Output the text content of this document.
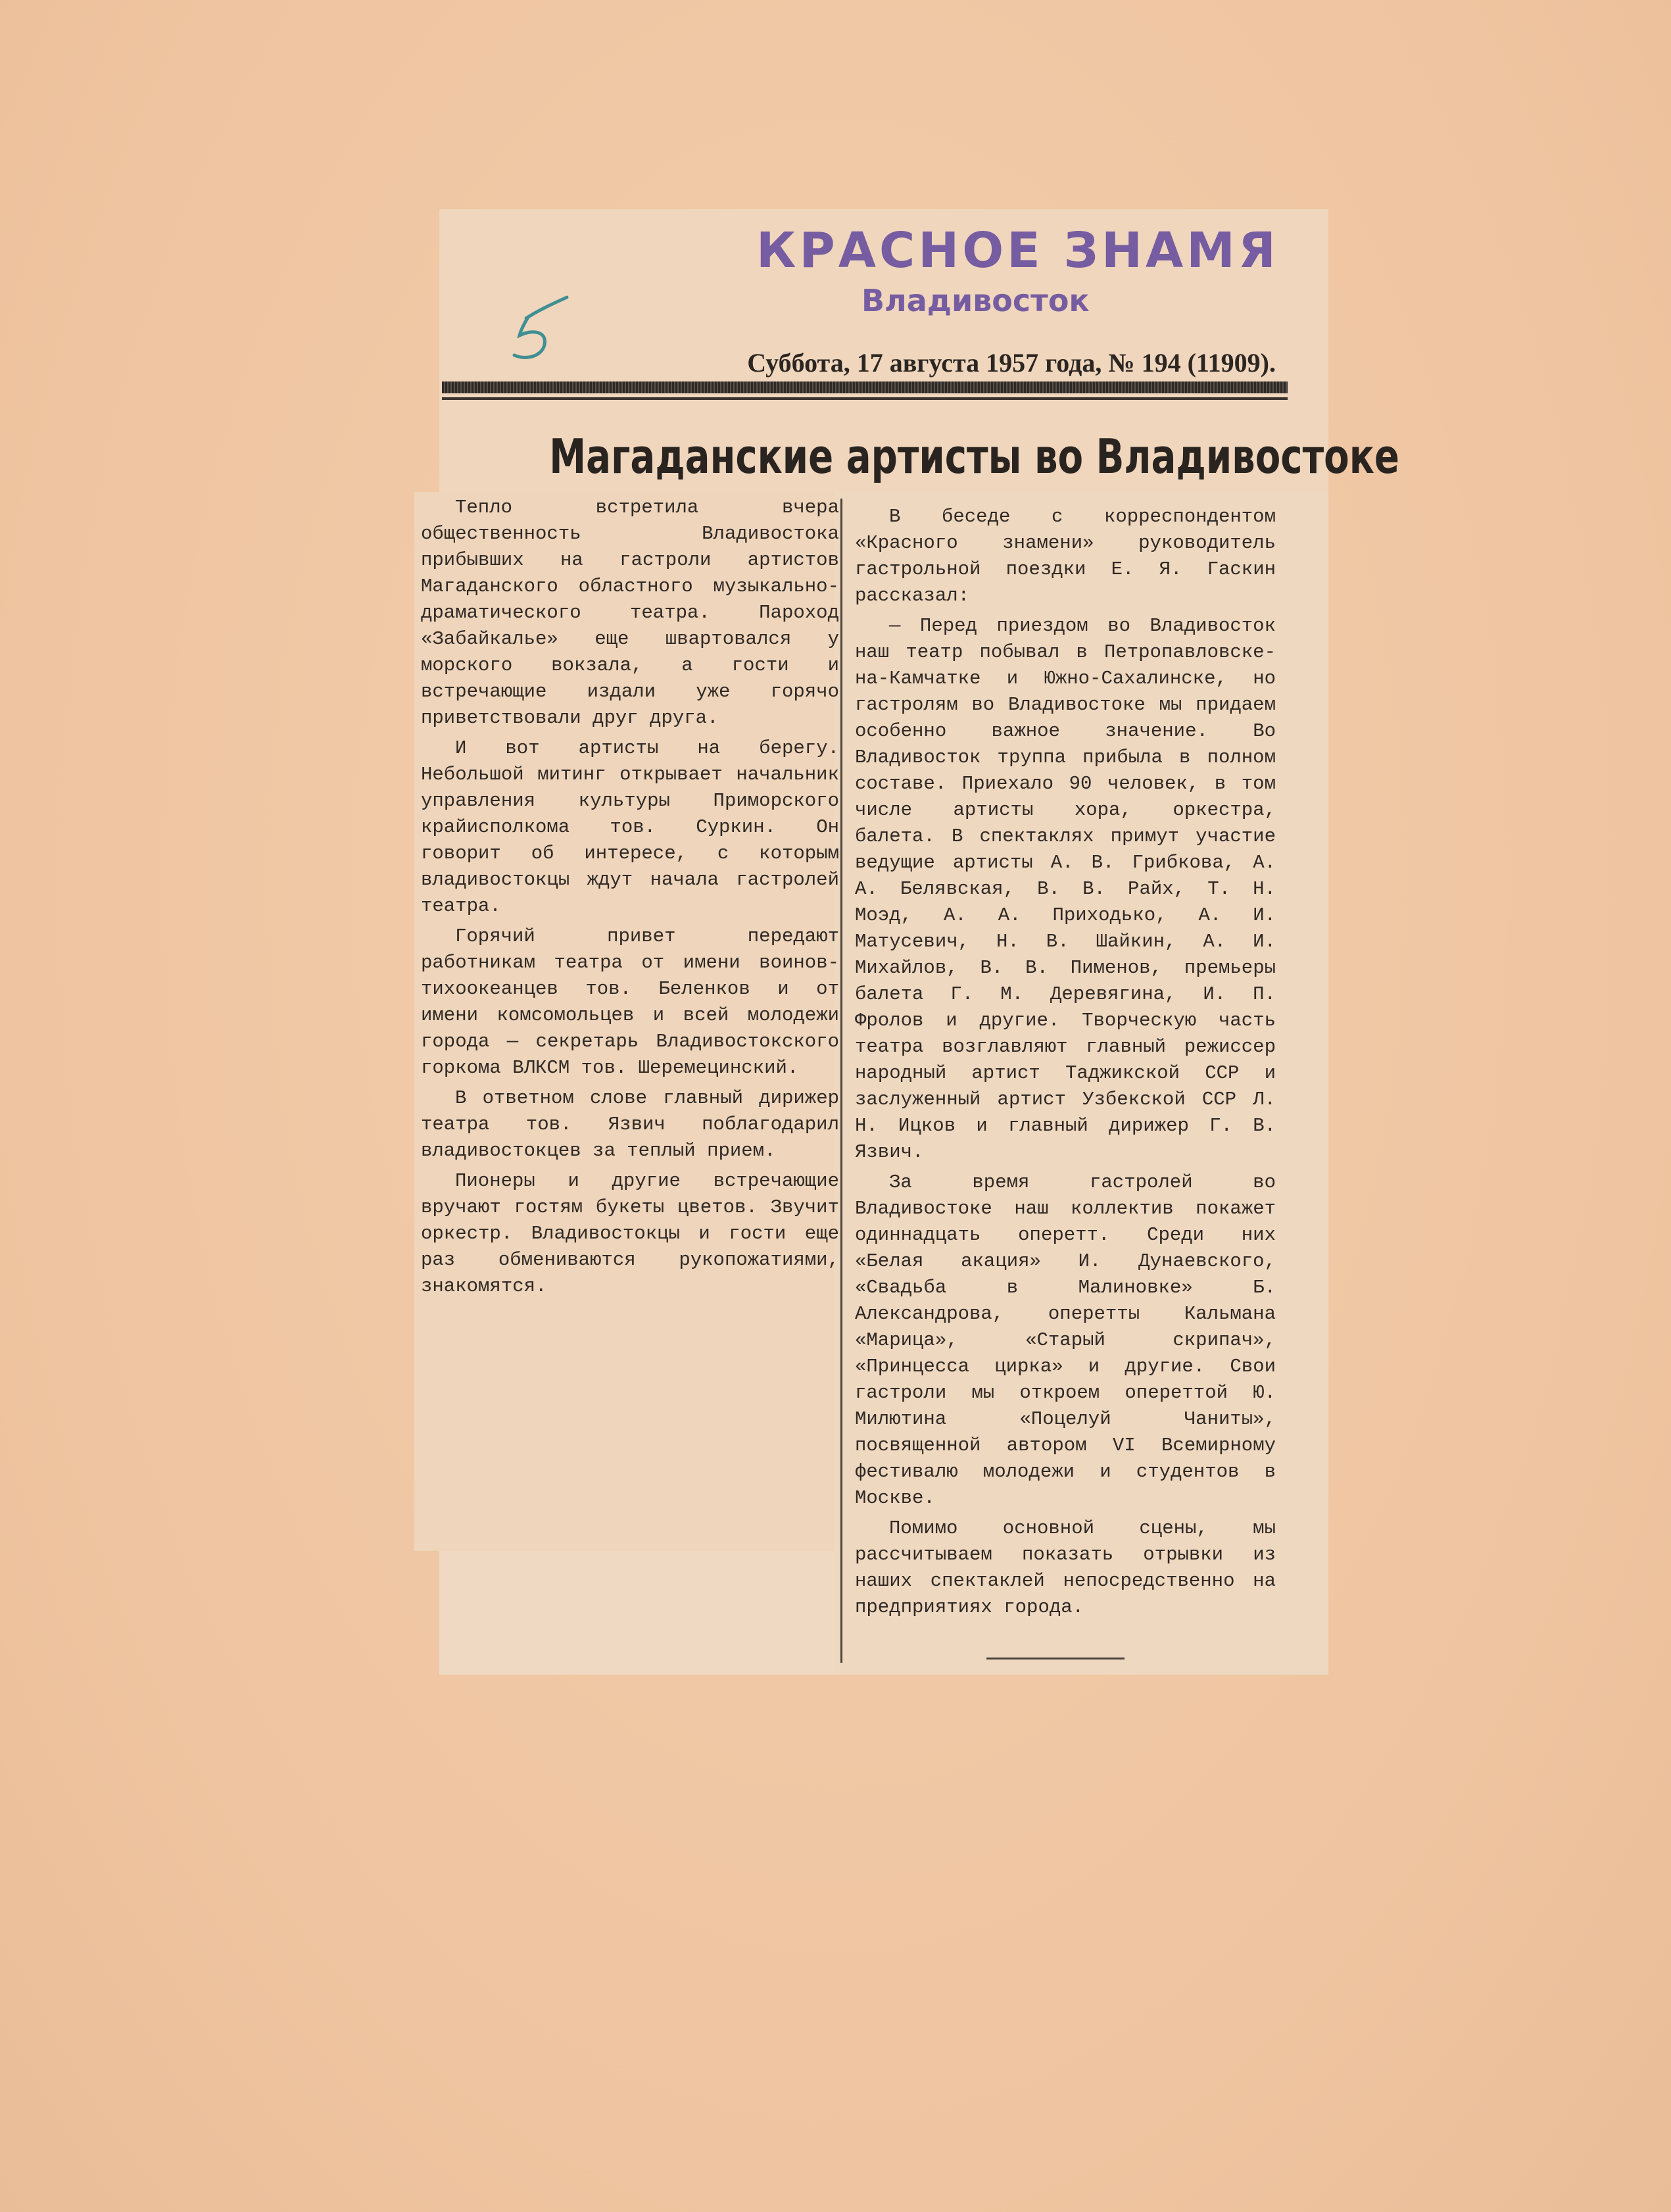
КРАСНОЕ ЗНАМЯ
Владивосток
Суббота, 17 августа 1957 года, № 194 (11909).
Магаданские артисты во Владивостоке

Тепло встретила вчера общественность Владивостока прибывших на гастроли артистов Магаданского областного музыкально-драматического театра. Пароход «Забайкалье» еще швартовался у морского вокзала, а гости и встречающие издали уже горячо приветствовали друг друга.

И вот артисты на берегу. Небольшой митинг открывает начальник управления культуры Приморского крайисполкома тов. Суркин. Он говорит об интересе, с которым владивостокцы ждут начала гастролей театра.

Горячий привет передают работникам театра от имени воинов-тихоокеанцев тов. Беленков и от имени комсомольцев и всей молодежи города — секретарь Владивостокского горкома ВЛКСМ тов. Шеремецинский.

В ответном слове главный дирижер театра тов. Язвич поблагодарил владивостокцев за теплый прием.

Пионеры и другие встречающие вручают гостям букеты цветов. Звучит оркестр. Владивостокцы и гости еще раз обмениваются рукопожатиями, знакомятся.

В беседе с корреспондентом «Красного знамени» руководитель гастрольной поездки Е. Я. Гаскин рассказал:

— Перед приездом во Владивосток наш театр побывал в Петропавловске-на-Камчатке и Южно-Сахалинске, но гастролям во Владивостоке мы придаем особенно важное значение. Во Владивосток труппа прибыла в полном составе. Приехало 90 человек, в том числе артисты хора, оркестра, балета. В спектаклях примут участие ведущие артисты А. В. Грибкова, А. А. Белявская, В. В. Райх, Т. Н. Моэд, А. А. Приходько, А. И. Матусевич, Н. В. Шайкин, А. И. Михайлов, В. В. Пименов, премьеры балета Г. М. Деревягина, И. П. Фролов и другие. Творческую часть театра возглавляют главный режиссер народный артист Таджикской ССР и заслуженный артист Узбекской ССР Л. Н. Ицков и главный дирижер Г. В. Язвич.

За время гастролей во Владивостоке наш коллектив покажет одиннадцать оперетт. Среди них «Белая акация» И. Дунаевского, «Свадьба в Малиновке» Б. Александрова, оперетты Кальмана «Марица», «Старый скрипач», «Принцесса цирка» и другие. Свои гастроли мы откроем опереттой Ю. Милютина «Поцелуй Чаниты», посвященной автором VI Всемирному фестивалю молодежи и студентов в Москве.

Помимо основной сцены, мы рассчитываем показать отрывки из наших спектаклей непосредственно на предприятиях города.
